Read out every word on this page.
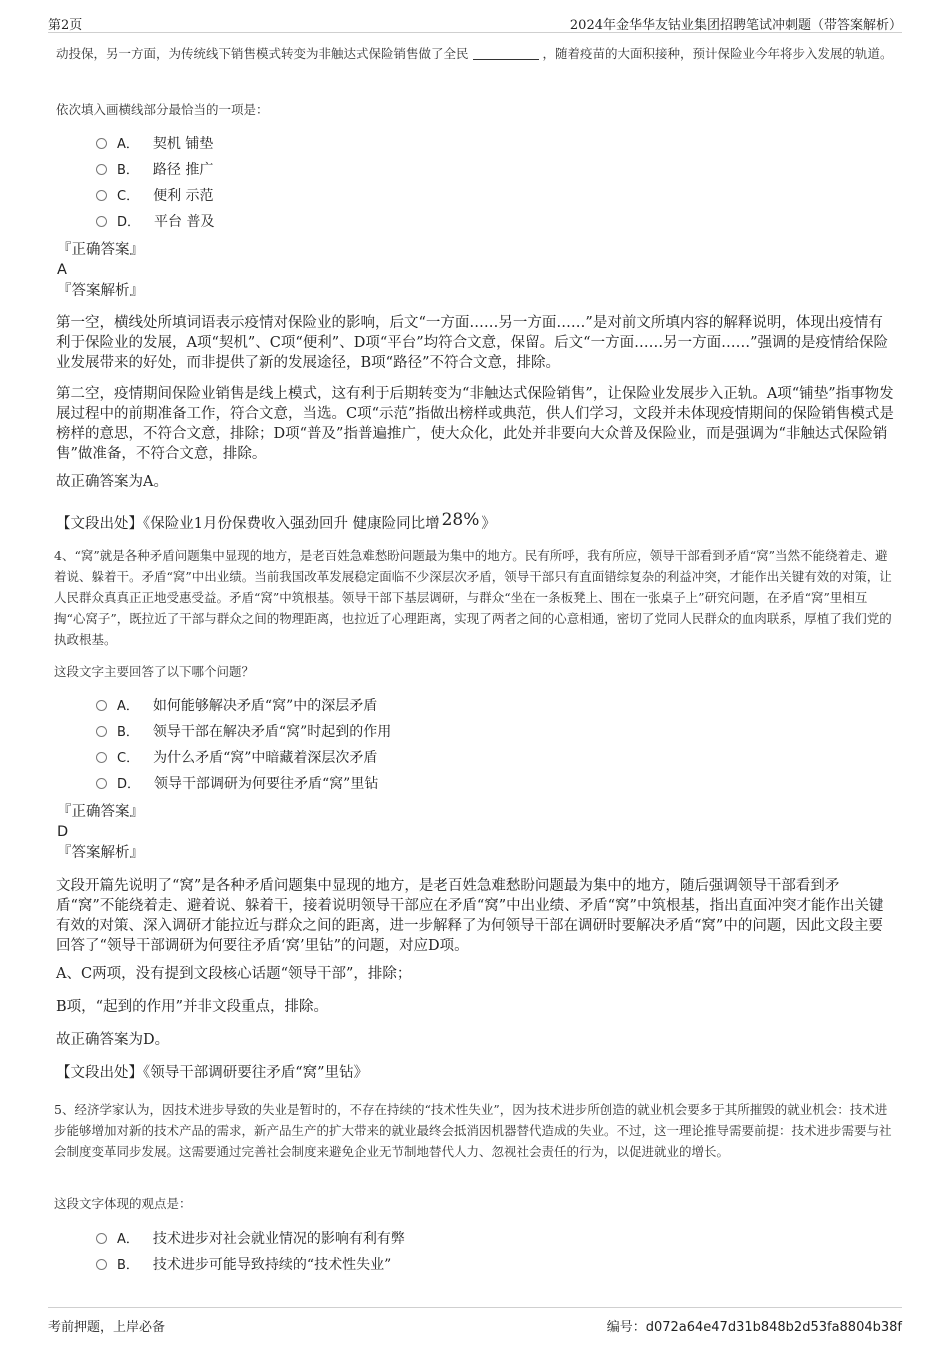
第2页	2024年金华华友钴业集团招聘笔试冲刺题（带答案解析）
动投保，另一方面，为传统线下销售模式转变为非触达式保险销售做了全民	，随着疫苗的大面积接种，预计保险业今年将步入发展的轨道。
依次填入画横线部分最恰当的一项是：
A． 契机 铺垫
B． 路径 推广
C． 便利 示范
D． 平台 普及
『正确答案』
A
『答案解析』
第一空，横线处所填词语表示疫情对保险业的影响，后文“一方面……另一方面……”是对前文所填内容的解释说明，体现出疫情有利于保险业的发展，A项“契机”、C项“便利”、D项“平台”均符合文意，保留。后文“一方面……另一方面……”强调的是疫情给保险业发展带来的好处，而非提供了新的发展途径，B项“路径”不符合文意，排除。
第二空，疫情期间保险业销售是线上模式，这有利于后期转变为“非触达式保险销售”，让保险业发展步入正轨。A项“铺垫”指事物发展过程中的前期准备工作，符合文意，当选。C项“示范”指做出榜样或典范，供人们学习，文段并未体现疫情期间的保险销售模式是榜样的意思，不符合文意，排除；D项“普及”指普遍推广，使大众化，此处并非要向大众普及保险业，而是强调为“非触达式保险销售”做准备，不符合文意，排除。
故正确答案为A。
【文段出处】《保险业1月份保费收入强劲回升 健康险同比增 28% 》
4、“窝”就是各种矛盾问题集中显现的地方，是老百姓急难愁盼问题最为集中的地方。民有所呼，我有所应，领导干部看到矛盾“窝”当然不能绕着走、避着说、躲着干。矛盾“窝”中出业绩。当前我国改革发展稳定面临不少深层次矛盾，领导干部只有直面错综复杂的利益冲突，才能作出关键有效的对策，让人民群众真真正正地受惠受益。矛盾“窝”中筑根基。领导干部下基层调研，与群众“坐在一条板凳上、围在一张桌子上”研究问题，在矛盾“窝”里相互掏“心窝子”，既拉近了干部与群众之间的物理距离，也拉近了心理距离，实现了两者之间的心意相通，密切了党同人民群众的血肉联系，厚植了我们党的执政根基。
这段文字主要回答了以下哪个问题？
A． 如何能够解决矛盾“窝”中的深层矛盾
B． 领导干部在解决矛盾“窝”时起到的作用
C． 为什么矛盾“窝”中暗藏着深层次矛盾
D． 领导干部调研为何要往矛盾“窝”里钻
『正确答案』
D
『答案解析』
文段开篇先说明了“窝”是各种矛盾问题集中显现的地方，是老百姓急难愁盼问题最为集中的地方，随后强调领导干部看到矛盾“窝”不能绕着走、避着说、躲着干，接着说明领导干部应在矛盾“窝”中出业绩、矛盾“窝”中筑根基，指出直面冲突才能作出关键有效的对策、深入调研才能拉近与群众之间的距离，进一步解释了为何领导干部在调研时要解决矛盾“窝”中的问题，因此文段主要回答了“领导干部调研为何要往矛盾‘窝’里钻”的问题，对应D项。
A、C两项，没有提到文段核心话题“领导干部”，排除；
B项，“起到的作用”并非文段重点，排除。
故正确答案为D。
【文段出处】《领导干部调研要往矛盾“窝”里钻》
5、经济学家认为，因技术进步导致的失业是暂时的，不存在持续的“技术性失业”，因为技术进步所创造的就业机会要多于其所摧毁的就业机会：技术进步能够增加对新的技术产品的需求，新产品生产的扩大带来的就业最终会抵消因机器替代造成的失业。不过，这一理论推导需要前提：技术进步需要与社会制度变革同步发展。这需要通过完善社会制度来避免企业无节制地替代人力、忽视社会责任的行为，以促进就业的增长。
这段文字体现的观点是：
A． 技术进步对社会就业情况的影响有利有弊
B． 技术进步可能导致持续的“技术性失业”
考前押题，上岸必备	编号：d072a64e47d31b848b2d53fa8804b38f
